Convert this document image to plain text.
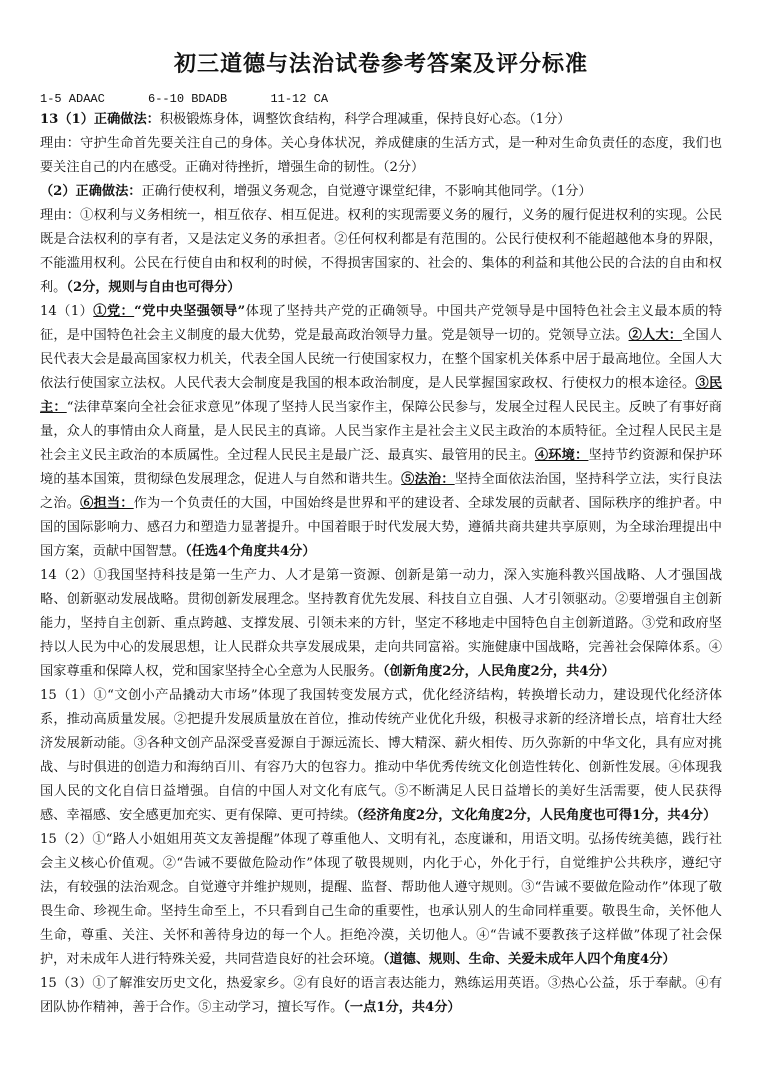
初三道德与法治试卷参考答案及评分标准

1-5 ADAAC      6--10 BDADB      11-12 CA

13（1）正确做法：积极锻炼身体，调整饮食结构，科学合理减重，保持良好心态。（1分）

理由：守护生命首先要关注自己的身体。关心身体状况，养成健康的生活方式，是一种对生命负责任的态度，我们也要关注自己的内在感受。正确对待挫折，增强生命的韧性。（2分）

（2）正确做法：正确行使权利，增强义务观念，自觉遵守课堂纪律，不影响其他同学。（1分）

理由：①权利与义务相统一，相互依存、相互促进。权利的实现需要义务的履行，义务的履行促进权利的实现。公民既是合法权利的享有者，又是法定义务的承担者。②任何权利都是有范围的。公民行使权利不能超越他本身的界限，不能滥用权利。公民在行使自由和权利的时候，不得损害国家的、社会的、集体的利益和其他公民的合法的自由和权利。（2分，规则与自由也可得分）

14（1）①党：“党中央坚强领导”体现了坚持共产党的正确领导。中国共产党领导是中国特色社会主义最本质的特征，是中国特色社会主义制度的最大优势，党是最高政治领导力量。党是领导一切的。党领导立法。②人大：全国人民代表大会是最高国家权力机关，代表全国人民统一行使国家权力，在整个国家机关体系中居于最高地位。全国人大依法行使国家立法权。人民代表大会制度是我国的根本政治制度，是人民掌握国家政权、行使权力的根本途径。③民主：“法律草案向全社会征求意见”体现了坚持人民当家作主，保障公民参与，发展全过程人民民主。反映了有事好商量，众人的事情由众人商量，是人民民主的真谛。人民当家作主是社会主义民主政治的本质特征。全过程人民民主是社会主义民主政治的本质属性。全过程人民民主是最广泛、最真实、最管用的民主。④环境：坚持节约资源和保护环境的基本国策，贯彻绿色发展理念，促进人与自然和谐共生。⑤法治：坚持全面依法治国，坚持科学立法，实行良法之治。⑥担当：作为一个负责任的大国，中国始终是世界和平的建设者、全球发展的贡献者、国际秩序的维护者。中国的国际影响力、感召力和塑造力显著提升。中国着眼于时代发展大势，遵循共商共建共享原则，为全球治理提出中国方案，贡献中国智慧。（任选4个角度共4分）

14（2）①我国坚持科技是第一生产力、人才是第一资源、创新是第一动力，深入实施科教兴国战略、人才强国战略、创新驱动发展战略。贯彻创新发展理念。坚持教育优先发展、科技自立自强、人才引领驱动。②要增强自主创新能力，坚持自主创新、重点跨越、支撑发展、引领未来的方针，坚定不移地走中国特色自主创新道路。③党和政府坚持以人民为中心的发展思想，让人民群众共享发展成果，走向共同富裕。实施健康中国战略，完善社会保障体系。④国家尊重和保障人权，党和国家坚持全心全意为人民服务。（创新角度2分，人民角度2分，共4分）

15（1）①“文创小产品撬动大市场”体现了我国转变发展方式，优化经济结构，转换增长动力，建设现代化经济体系，推动高质量发展。②把提升发展质量放在首位，推动传统产业优化升级，积极寻求新的经济增长点，培育壮大经济发展新动能。③各种文创产品深受喜爱源自于源远流长、博大精深、薪火相传、历久弥新的中华文化，具有应对挑战、与时俱进的创造力和海纳百川、有容乃大的包容力。推动中华优秀传统文化创造性转化、创新性发展。④体现我国人民的文化自信日益增强。自信的中国人对文化有底气。⑤不断满足人民日益增长的美好生活需要，使人民获得感、幸福感、安全感更加充实、更有保障、更可持续。（经济角度2分，文化角度2分，人民角度也可得1分，共4分）

15（2）①“路人小姐姐用英文友善提醒”体现了尊重他人、文明有礼，态度谦和，用语文明。弘扬传统美德，践行社会主义核心价值观。②“告诫不要做危险动作”体现了敬畏规则，内化于心，外化于行，自觉维护公共秩序，遵纪守法，有较强的法治观念。自觉遵守并维护规则，提醒、监督、帮助他人遵守规则。③“告诫不要做危险动作”体现了敬畏生命、珍视生命。坚持生命至上，不只看到自己生命的重要性，也承认别人的生命同样重要。敬畏生命，关怀他人生命，尊重、关注、关怀和善待身边的每一个人。拒绝冷漠，关切他人。④“告诫不要教孩子这样做”体现了社会保护，对未成年人进行特殊关爱，共同营造良好的社会环境。（道德、规则、生命、关爱未成年人四个角度4分）

15（3）①了解淮安历史文化，热爱家乡。②有良好的语言表达能力，熟练运用英语。③热心公益，乐于奉献。④有团队协作精神，善于合作。⑤主动学习，擅长写作。（一点1分，共4分）
